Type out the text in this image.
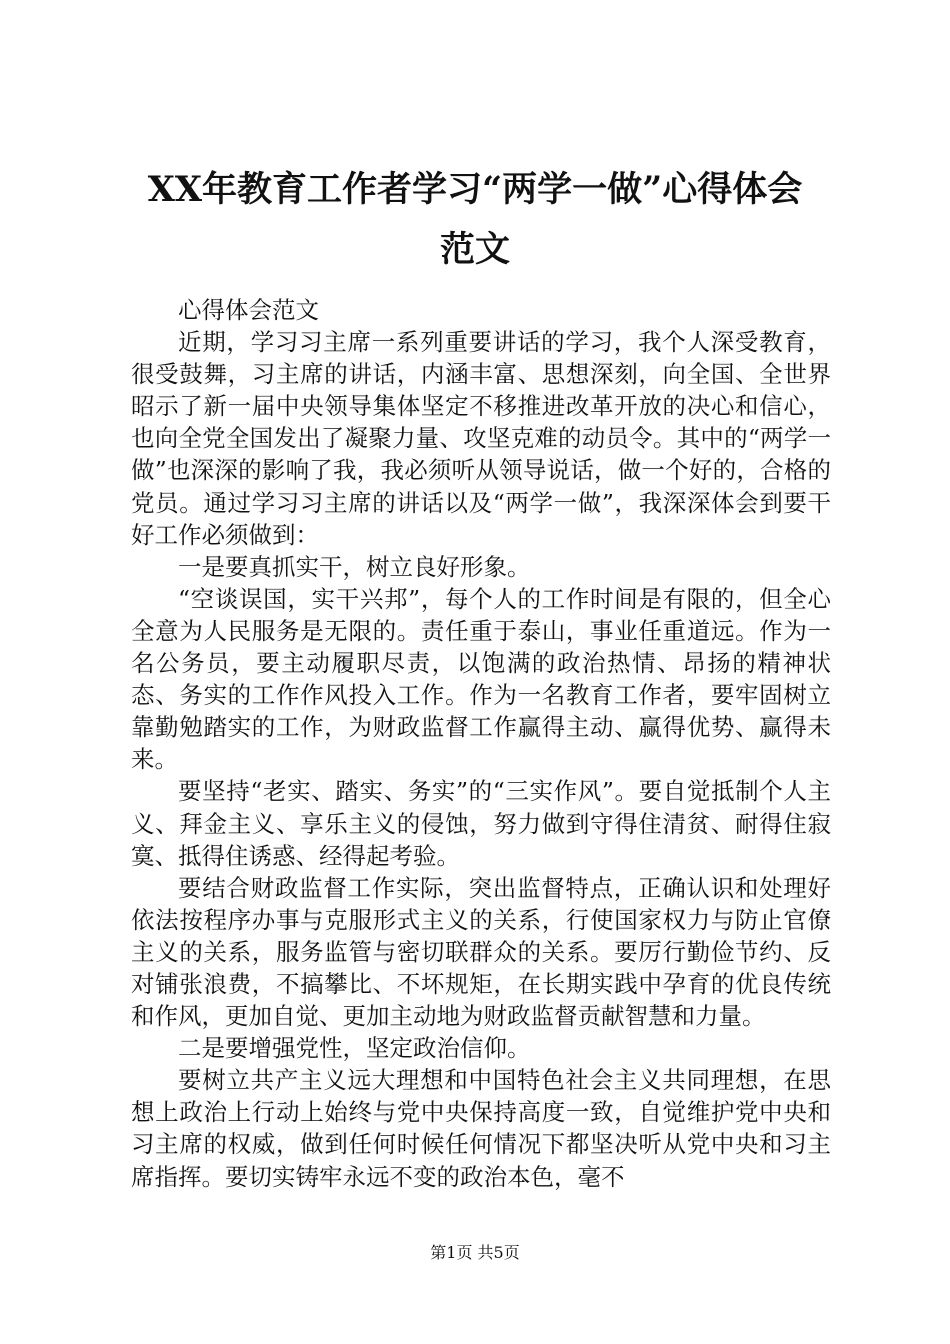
XX年教育工作者学习“两学一做”心得体会
范文

心得体会范文

近期，学习习主席一系列重要讲话的学习，我个人深受教育，很受鼓舞，习主席的讲话，内涵丰富、思想深刻，向全国、全世界昭示了新一届中央领导集体坚定不移推进改革开放的决心和信心，也向全党全国发出了凝聚力量、攻坚克难的动员令。其中的“两学一做”也深深的影响了我，我必须听从领导说话，做一个好的，合格的党员。通过学习习主席的讲话以及“两学一做”，我深深体会到要干好工作必须做到：

一是要真抓实干，树立良好形象。

“空谈误国，实干兴邦”，每个人的工作时间是有限的，但全心全意为人民服务是无限的。责任重于泰山，事业任重道远。作为一名公务员，要主动履职尽责，以饱满的政治热情、昂扬的精神状态、务实的工作作风投入工作。作为一名教育工作者，要牢固树立靠勤勉踏实的工作，为财政监督工作赢得主动、赢得优势、赢得未来。

要坚持“老实、踏实、务实”的“三实作风”。要自觉抵制个人主义、拜金主义、享乐主义的侵蚀，努力做到守得住清贫、耐得住寂寞、抵得住诱惑、经得起考验。

要结合财政监督工作实际，突出监督特点，正确认识和处理好依法按程序办事与克服形式主义的关系，行使国家权力与防止官僚主义的关系，服务监管与密切联群众的关系。要厉行勤俭节约、反对铺张浪费，不搞攀比、不坏规矩，在长期实践中孕育的优良传统和作风，更加自觉、更加主动地为财政监督贡献智慧和力量。

二是要增强党性，坚定政治信仰。

要树立共产主义远大理想和中国特色社会主义共同理想，在思想上政治上行动上始终与党中央保持高度一致，自觉维护党中央和习主席的权威，做到任何时候任何情况下都坚决听从党中央和习主席指挥。要切实铸牢永远不变的政治本色，毫不

第1页 共5页
